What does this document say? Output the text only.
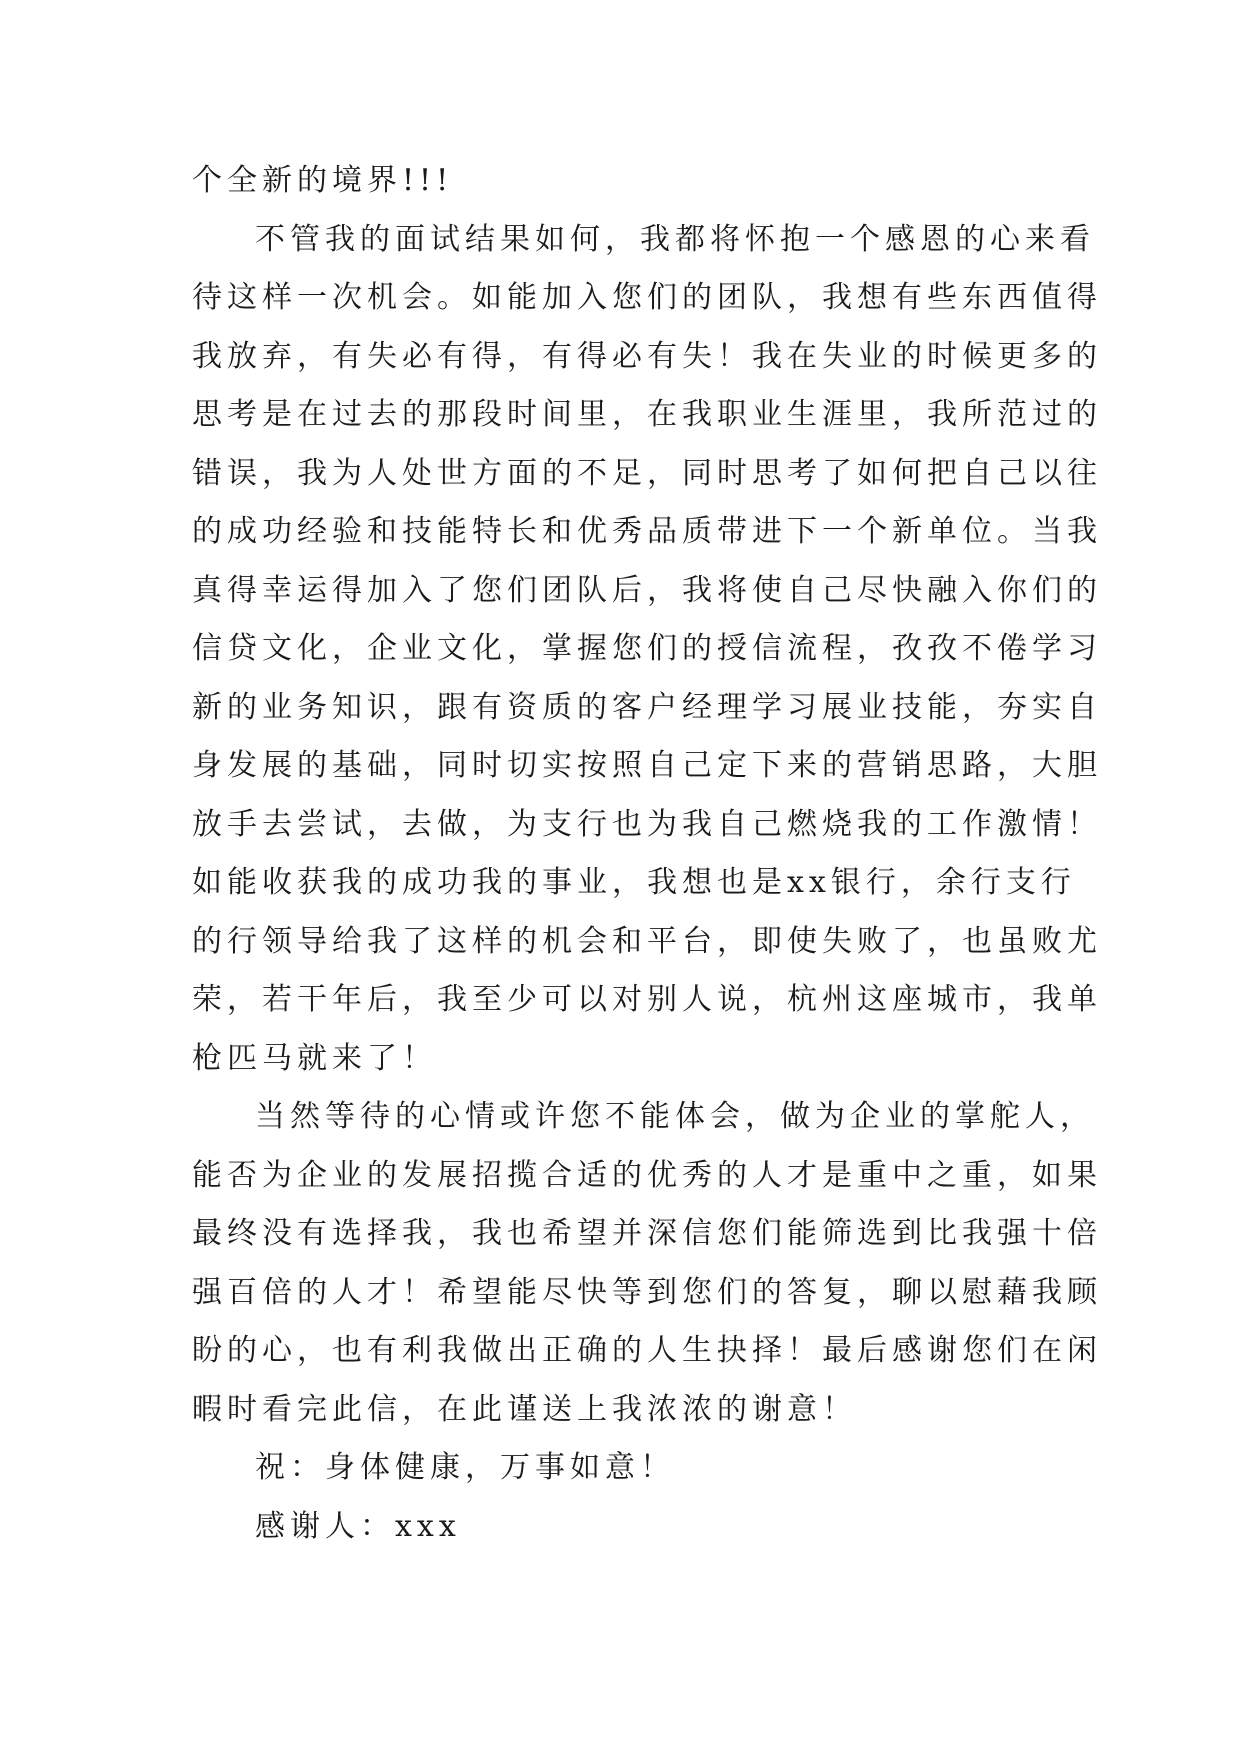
个全新的境界!!!
不管我的面试结果如何，我都将怀抱一个感恩的心来看
待这样一次机会。如能加入您们的团队，我想有些东西值得
我放弃，有失必有得，有得必有失！我在失业的时候更多的
思考是在过去的那段时间里，在我职业生涯里，我所范过的
错误，我为人处世方面的不足，同时思考了如何把自己以往
的成功经验和技能特长和优秀品质带进下一个新单位。当我
真得幸运得加入了您们团队后，我将使自己尽快融入你们的
信贷文化，企业文化，掌握您们的授信流程，孜孜不倦学习
新的业务知识，跟有资质的客户经理学习展业技能，夯实自
身发展的基础，同时切实按照自己定下来的营销思路，大胆
放手去尝试，去做，为支行也为我自己燃烧我的工作激情！
如能收获我的成功我的事业，我想也是xx银行，余行支行
的行领导给我了这样的机会和平台，即使失败了，也虽败尤
荣，若干年后，我至少可以对别人说，杭州这座城市，我单
枪匹马就来了！
当然等待的心情或许您不能体会，做为企业的掌舵人，
能否为企业的发展招揽合适的优秀的人才是重中之重，如果
最终没有选择我，我也希望并深信您们能筛选到比我强十倍
强百倍的人才！希望能尽快等到您们的答复，聊以慰藉我顾
盼的心，也有利我做出正确的人生抉择！最后感谢您们在闲
暇时看完此信，在此谨送上我浓浓的谢意！
祝：身体健康，万事如意！
感谢人：xxx
